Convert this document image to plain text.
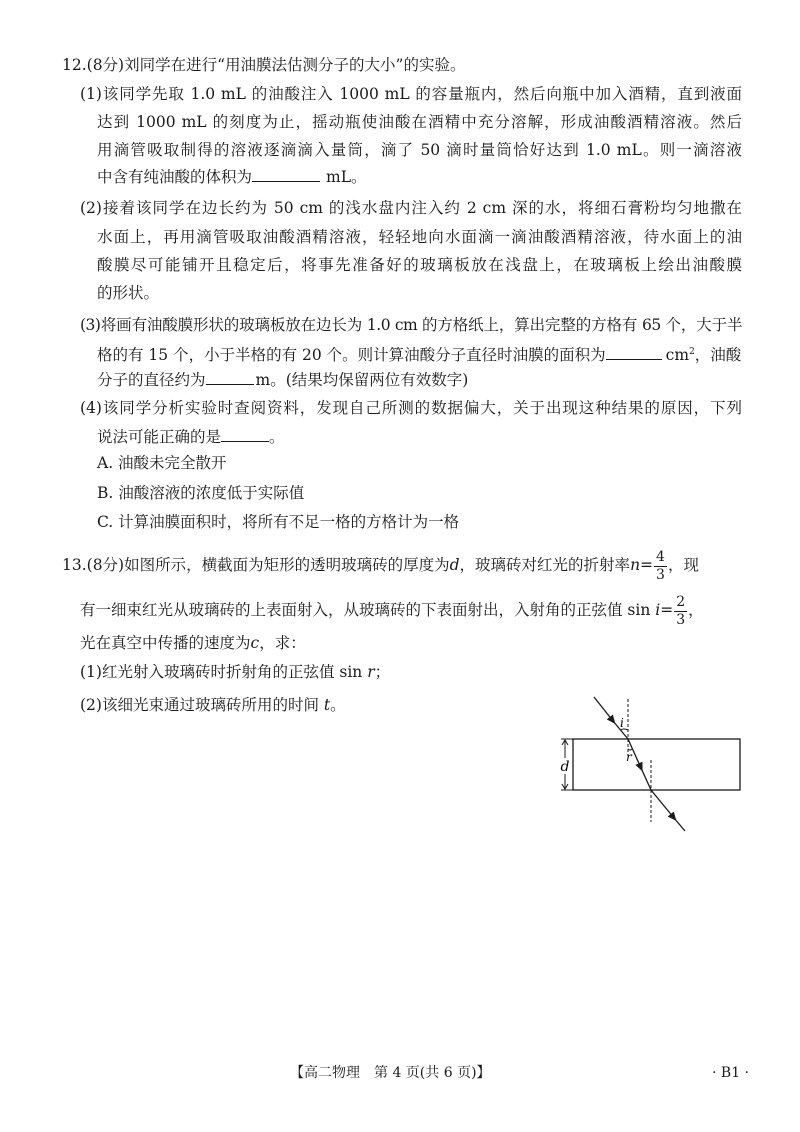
12.(8分)刘同学在进行“用油膜法估测分子的大小”的实验。
(1)该同学先取 1.0 mL 的油酸注入 1000 mL 的容量瓶内，然后向瓶中加入酒精，直到液面
达到 1000 mL 的刻度为止，摇动瓶使油酸在酒精中充分溶解，形成油酸酒精溶液。然后
用滴管吸取制得的溶液逐滴滴入量筒，滴了 50 滴时量筒恰好达到 1.0 mL。则一滴溶液
中含有纯油酸的体积为	mL。
(2)接着该同学在边长约为 50 cm 的浅水盘内注入约 2 cm 深的水，将细石膏粉均匀地撒在
水面上，再用滴管吸取油酸酒精溶液，轻轻地向水面滴一滴油酸酒精溶液，待水面上的油
酸膜尽可能铺开且稳定后，将事先准备好的玻璃板放在浅盘上，在玻璃板上绘出油酸膜
的形状。
(3)将画有油酸膜形状的玻璃板放在边长为 1.0 cm 的方格纸上，算出完整的方格有 65 个，大于半
格的有 15 个，小于半格的有 20 个。则计算油酸分子直径时油膜的面积为	$cm^2$，油酸
分子的直径约为	m。(结果均保留两位有效数字)
(4)该同学分析实验时查阅资料，发现自己所测的数据偏大，关于出现这种结果的原因，下列
说法可能正确的是	。
A. 油酸未完全散开
B. 油酸溶液的浓度低于实际值
C. 计算油膜面积时，将所有不足一格的方格计为一格
13.(8分)如图所示，横截面为矩形的透明玻璃砖的厚度为d，玻璃砖对红光的折射率$n= \frac{4}{3}$ ，现
有一细束红光从玻璃砖的上表面射入，从玻璃砖的下表面射出，入射角的正弦值 $\sin i= \frac{2}{3}$ ，
光在真空中传播的速度为c，求：
(1)红光射入玻璃砖时折射角的正弦值 sin r；
(2)该细光束通过玻璃砖所用的时间 t。
d
i
r
【高二物理　第 4 页(共 6 页)】	· B1 ·
